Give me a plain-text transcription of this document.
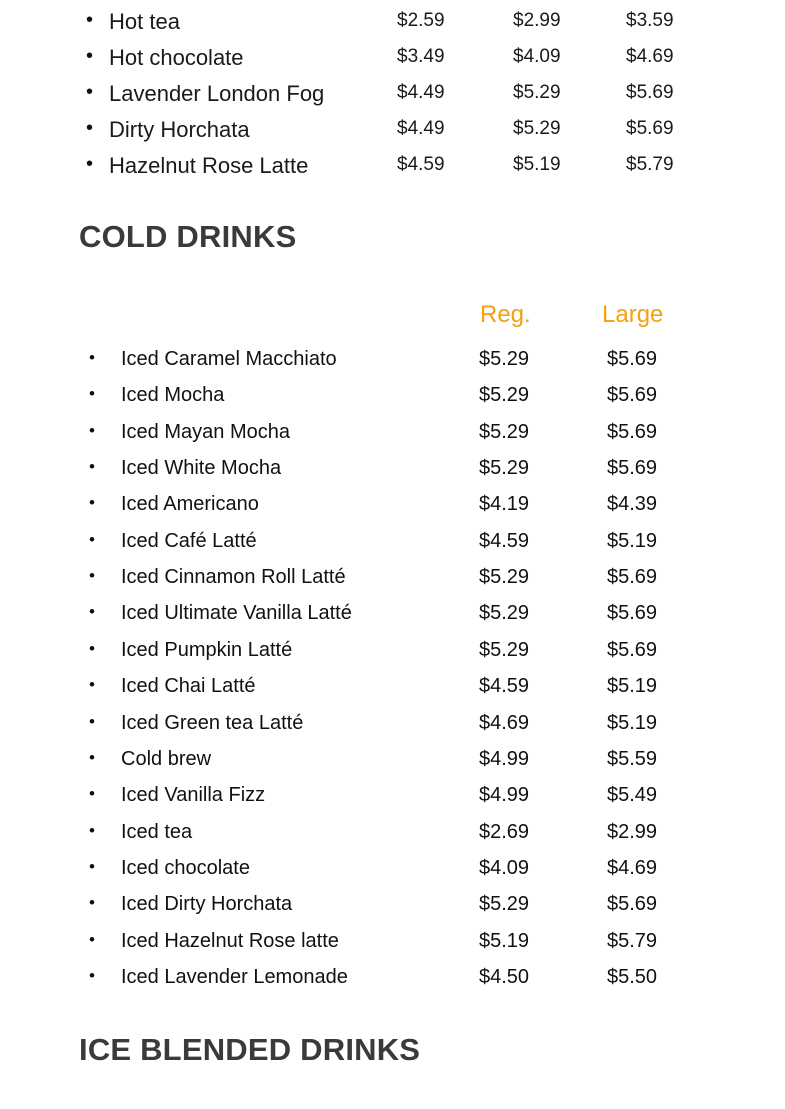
• Hot tea	$2.59	$2.99	$3.59
• Hot chocolate	$3.49	$4.09	$4.69
• Lavender London Fog	$4.49	$5.29	$5.69
• Dirty Horchata	$4.49	$5.29	$5.69
• Hazelnut Rose Latte	$4.59	$5.19	$5.79
COLD DRINKS
Reg.	Large
• Iced Caramel Macchiato	$5.29	$5.69
• Iced Mocha	$5.29	$5.69
• Iced Mayan Mocha	$5.29	$5.69
• Iced White Mocha	$5.29	$5.69
• Iced Americano	$4.19	$4.39
• Iced Café Latté	$4.59	$5.19
• Iced Cinnamon Roll Latté	$5.29	$5.69
• Iced Ultimate Vanilla Latté	$5.29	$5.69
• Iced Pumpkin Latté	$5.29	$5.69
• Iced Chai Latté	$4.59	$5.19
• Iced Green tea Latté	$4.69	$5.19
• Cold brew	$4.99	$5.59
• Iced Vanilla Fizz	$4.99	$5.49
• Iced tea	$2.69	$2.99
• Iced chocolate	$4.09	$4.69
• Iced Dirty Horchata	$5.29	$5.69
• Iced Hazelnut Rose latte	$5.19	$5.79
• Iced Lavender Lemonade	$4.50	$5.50
ICE BLENDED DRINKS
